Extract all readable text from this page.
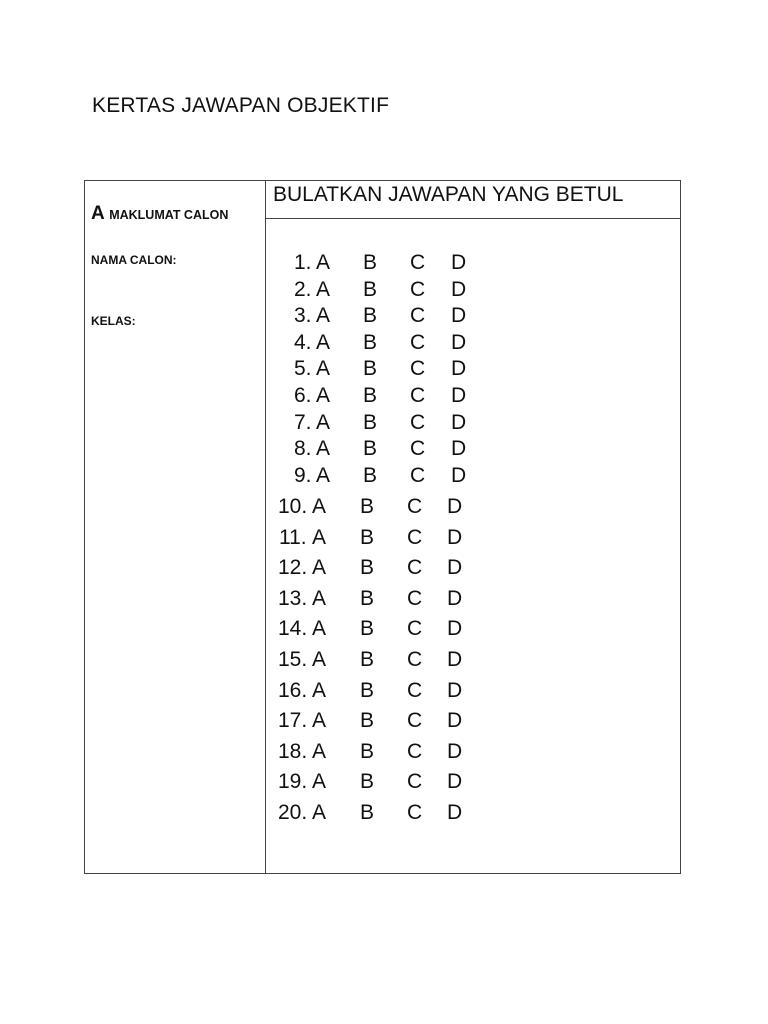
KERTAS JAWAPAN OBJEKTIF
A MAKLUMAT CALON
NAMA CALON:
KELAS:
BULATKAN JAWAPAN YANG BETUL
1. A B C D
2. A B C D
3. A B C D
4. A B C D
5. A B C D
6. A B C D
7. A B C D
8. A B C D
9. A B C D
10. A B C D
11. A B C D
12. A B C D
13. A B C D
14. A B C D
15. A B C D
16. A B C D
17. A B C D
18. A B C D
19. A B C D
20. A B C D
